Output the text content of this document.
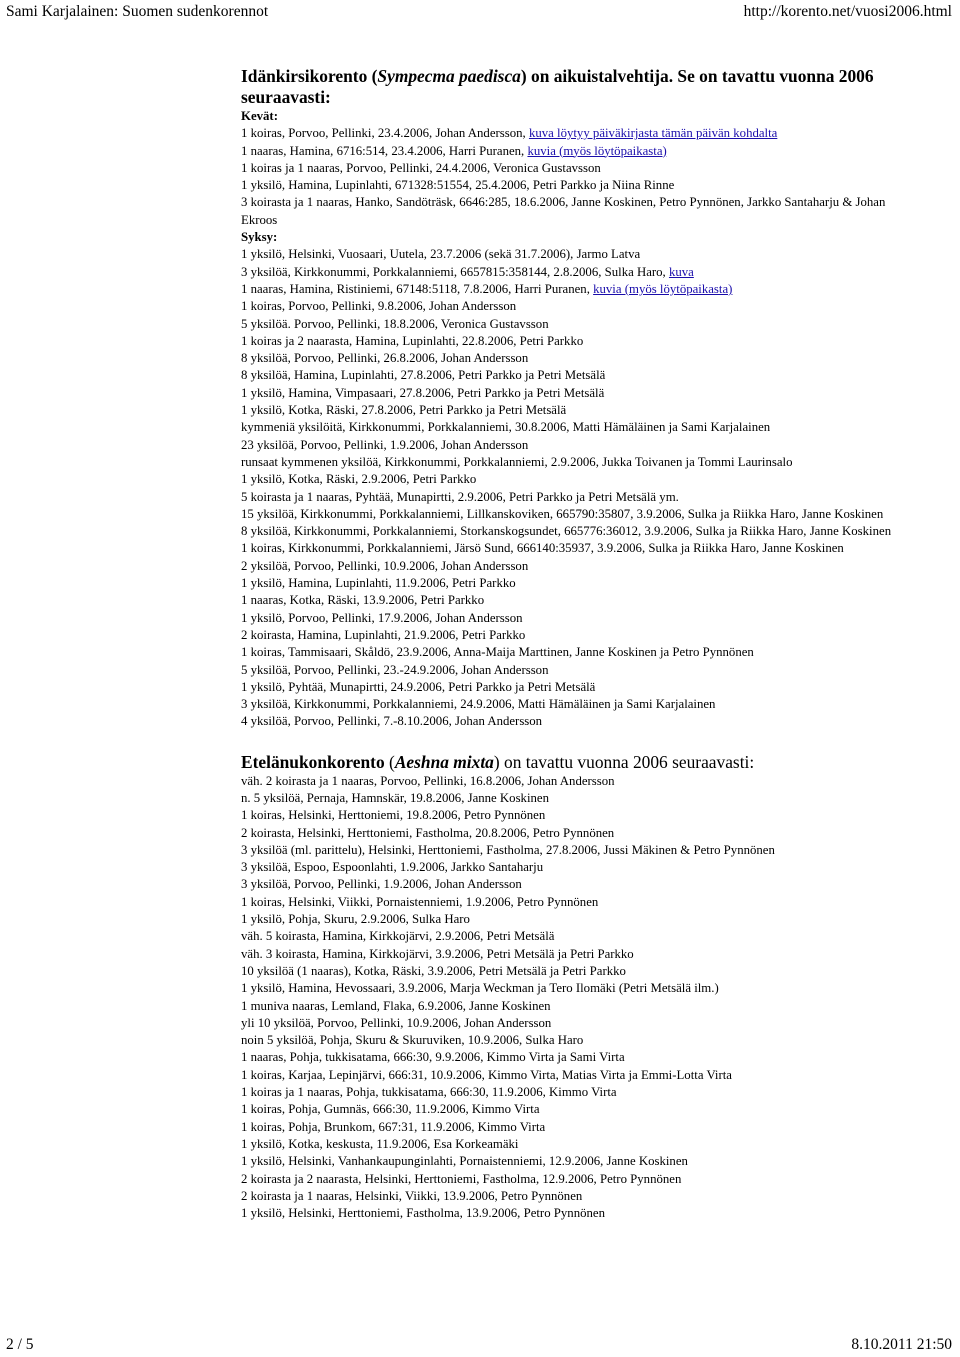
Sami Karjalainen: Suomen sudenkorennot	http://korento.net/vuosi2006.html
Idänkirsikorento (Sympecma paedisca) on aikuistalvehtija. Se on tavattu vuonna 2006 seuraavasti:
Kevät:
1 koiras, Porvoo, Pellinki, 23.4.2006, Johan Andersson, kuva löytyy päiväkirjasta tämän päivän kohdalta
1 naaras, Hamina, 6716:514, 23.4.2006, Harri Puranen, kuvia (myös löytöpaikasta)
1 koiras ja 1 naaras, Porvoo, Pellinki, 24.4.2006, Veronica Gustavsson
1 yksilö, Hamina, Lupinlahti, 671328:51554, 25.4.2006, Petri Parkko ja Niina Rinne
3 koirasta ja 1 naaras, Hanko, Sandöträsk, 6646:285, 18.6.2006, Janne Koskinen, Petro Pynnönen, Jarkko Santaharju & Johan Ekroos
Syksy:
1 yksilö, Helsinki, Vuosaari, Uutela, 23.7.2006 (sekä 31.7.2006), Jarmo Latva
3 yksilöä, Kirkkonummi, Porkkalanniemi, 6657815:358144, 2.8.2006, Sulka Haro, kuva
1 naaras, Hamina, Ristiniemi, 67148:5118, 7.8.2006, Harri Puranen, kuvia (myös löytöpaikasta)
1 koiras, Porvoo, Pellinki, 9.8.2006, Johan Andersson
5 yksilöä. Porvoo, Pellinki, 18.8.2006, Veronica Gustavsson
1 koiras ja 2 naarasta, Hamina, Lupinlahti, 22.8.2006, Petri Parkko
8 yksilöä, Porvoo, Pellinki, 26.8.2006, Johan Andersson
8 yksilöä, Hamina, Lupinlahti, 27.8.2006, Petri Parkko ja Petri Metsälä
1 yksilö, Hamina, Vimpasaari, 27.8.2006, Petri Parkko ja Petri Metsälä
1 yksilö, Kotka, Räski, 27.8.2006, Petri Parkko ja Petri Metsälä
kymmeniä yksilöitä, Kirkkonummi, Porkkalanniemi, 30.8.2006, Matti Hämäläinen ja Sami Karjalainen
23 yksilöä, Porvoo, Pellinki, 1.9.2006, Johan Andersson
runsaat kymmenen yksilöä, Kirkkonummi, Porkkalanniemi, 2.9.2006, Jukka Toivanen ja Tommi Laurinsalo
1 yksilö, Kotka, Räski, 2.9.2006, Petri Parkko
5 koirasta ja 1 naaras, Pyhtää, Munapirtti, 2.9.2006, Petri Parkko ja Petri Metsälä ym.
15 yksilöä, Kirkkonummi, Porkkalanniemi, Lillkanskoviken, 665790:35807, 3.9.2006, Sulka ja Riikka Haro, Janne Koskinen
8 yksilöä, Kirkkonummi, Porkkalanniemi, Storkanskogsundet, 665776:36012, 3.9.2006, Sulka ja Riikka Haro, Janne Koskinen
1 koiras, Kirkkonummi, Porkkalanniemi, Järsö Sund, 666140:35937, 3.9.2006, Sulka ja Riikka Haro, Janne Koskinen
2 yksilöä, Porvoo, Pellinki, 10.9.2006, Johan Andersson
1 yksilö, Hamina, Lupinlahti, 11.9.2006, Petri Parkko
1 naaras, Kotka, Räski, 13.9.2006, Petri Parkko
1 yksilö, Porvoo, Pellinki, 17.9.2006, Johan Andersson
2 koirasta, Hamina, Lupinlahti, 21.9.2006, Petri Parkko
1 koiras, Tammisaari, Skåldö, 23.9.2006, Anna-Maija Marttinen, Janne Koskinen ja Petro Pynnönen
5 yksilöä, Porvoo, Pellinki, 23.-24.9.2006, Johan Andersson
1 yksilö, Pyhtää, Munapirtti, 24.9.2006, Petri Parkko ja Petri Metsälä
3 yksilöä, Kirkkonummi, Porkkalanniemi, 24.9.2006, Matti Hämäläinen ja Sami Karjalainen
4 yksilöä, Porvoo, Pellinki, 7.-8.10.2006, Johan Andersson
Etelänukonkorento (Aeshna mixta) on tavattu vuonna 2006 seuraavasti:
väh. 2 koirasta ja 1 naaras, Porvoo, Pellinki, 16.8.2006, Johan Andersson
n. 5 yksilöä, Pernaja, Hamnskär, 19.8.2006, Janne Koskinen
1 koiras, Helsinki, Herttoniemi, 19.8.2006, Petro Pynnönen
2 koirasta, Helsinki, Herttoniemi, Fastholma, 20.8.2006, Petro Pynnönen
3 yksilöä (ml. parittelu), Helsinki, Herttoniemi, Fastholma, 27.8.2006, Jussi Mäkinen & Petro Pynnönen
3 yksilöä, Espoo, Espoonlahti, 1.9.2006, Jarkko Santaharju
3 yksilöä, Porvoo, Pellinki, 1.9.2006, Johan Andersson
1 koiras, Helsinki, Viikki, Pornaistenniemi, 1.9.2006, Petro Pynnönen
1 yksilö, Pohja, Skuru, 2.9.2006, Sulka Haro
väh. 5 koirasta, Hamina, Kirkkojärvi, 2.9.2006, Petri Metsälä
väh. 3 koirasta, Hamina, Kirkkojärvi, 3.9.2006, Petri Metsälä ja Petri Parkko
10 yksilöä (1 naaras), Kotka, Räski, 3.9.2006, Petri Metsälä ja Petri Parkko
1 yksilö, Hamina, Hevossaari, 3.9.2006, Marja Weckman ja Tero Ilomäki (Petri Metsälä ilm.)
1 muniva naaras, Lemland, Flaka, 6.9.2006, Janne Koskinen
yli 10 yksilöä, Porvoo, Pellinki, 10.9.2006, Johan Andersson
noin 5 yksilöä, Pohja, Skuru & Skuruviken, 10.9.2006, Sulka Haro
1 naaras, Pohja, tukkisatama, 666:30, 9.9.2006, Kimmo Virta ja Sami Virta
1 koiras, Karjaa, Lepinjärvi, 666:31, 10.9.2006, Kimmo Virta, Matias Virta ja Emmi-Lotta Virta
1 koiras ja 1 naaras, Pohja, tukkisatama, 666:30, 11.9.2006, Kimmo Virta
1 koiras, Pohja, Gumnäs, 666:30, 11.9.2006, Kimmo Virta
1 koiras, Pohja, Brunkom, 667:31, 11.9.2006, Kimmo Virta
1 yksilö, Kotka, keskusta, 11.9.2006, Esa Korkeamäki
1 yksilö, Helsinki, Vanhankaupunginlahti, Pornaistenniemi, 12.9.2006, Janne Koskinen
2 koirasta ja 2 naarasta, Helsinki, Herttoniemi, Fastholma, 12.9.2006, Petro Pynnönen
2 koirasta ja 1 naaras, Helsinki, Viikki, 13.9.2006, Petro Pynnönen
1 yksilö, Helsinki, Herttoniemi, Fastholma, 13.9.2006, Petro Pynnönen
2 / 5	8.10.2011 21:50
